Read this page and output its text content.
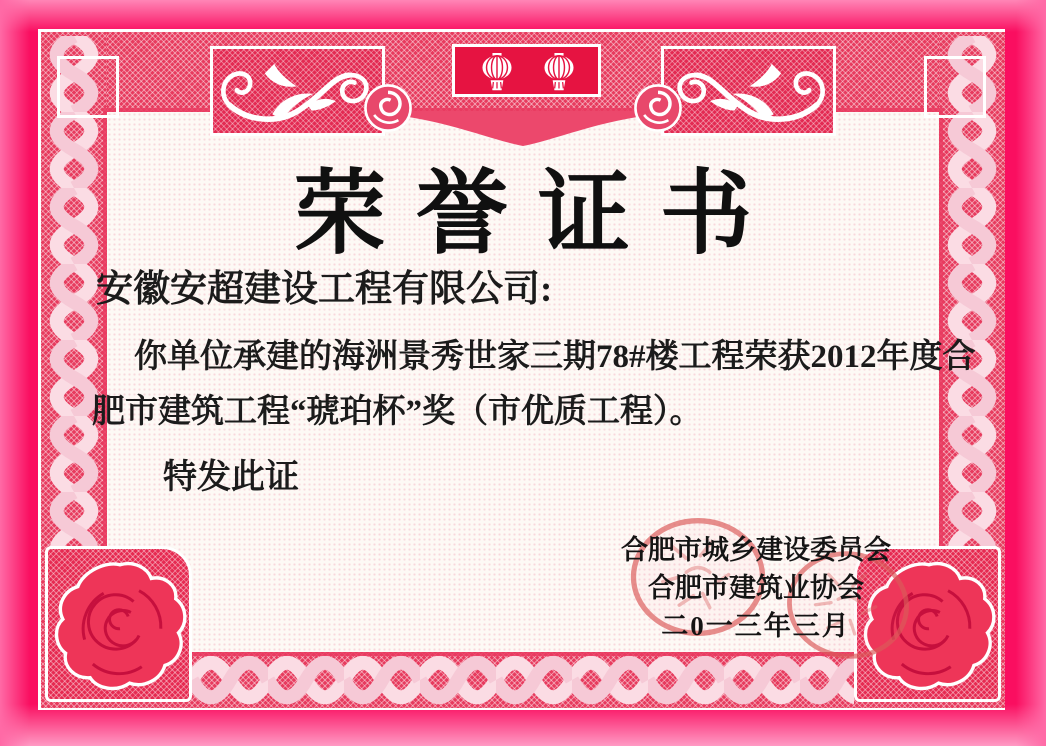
荣誉证书
安徽安超建设工程有限公司:
你单位承建的海洲景秀世家三期78#楼工程荣获2012年度合
肥市建筑工程“琥珀杯”奖（市优质工程）。
特发此证
合肥市城乡建设委员会
合肥市建筑业协会
二0一三年三月
